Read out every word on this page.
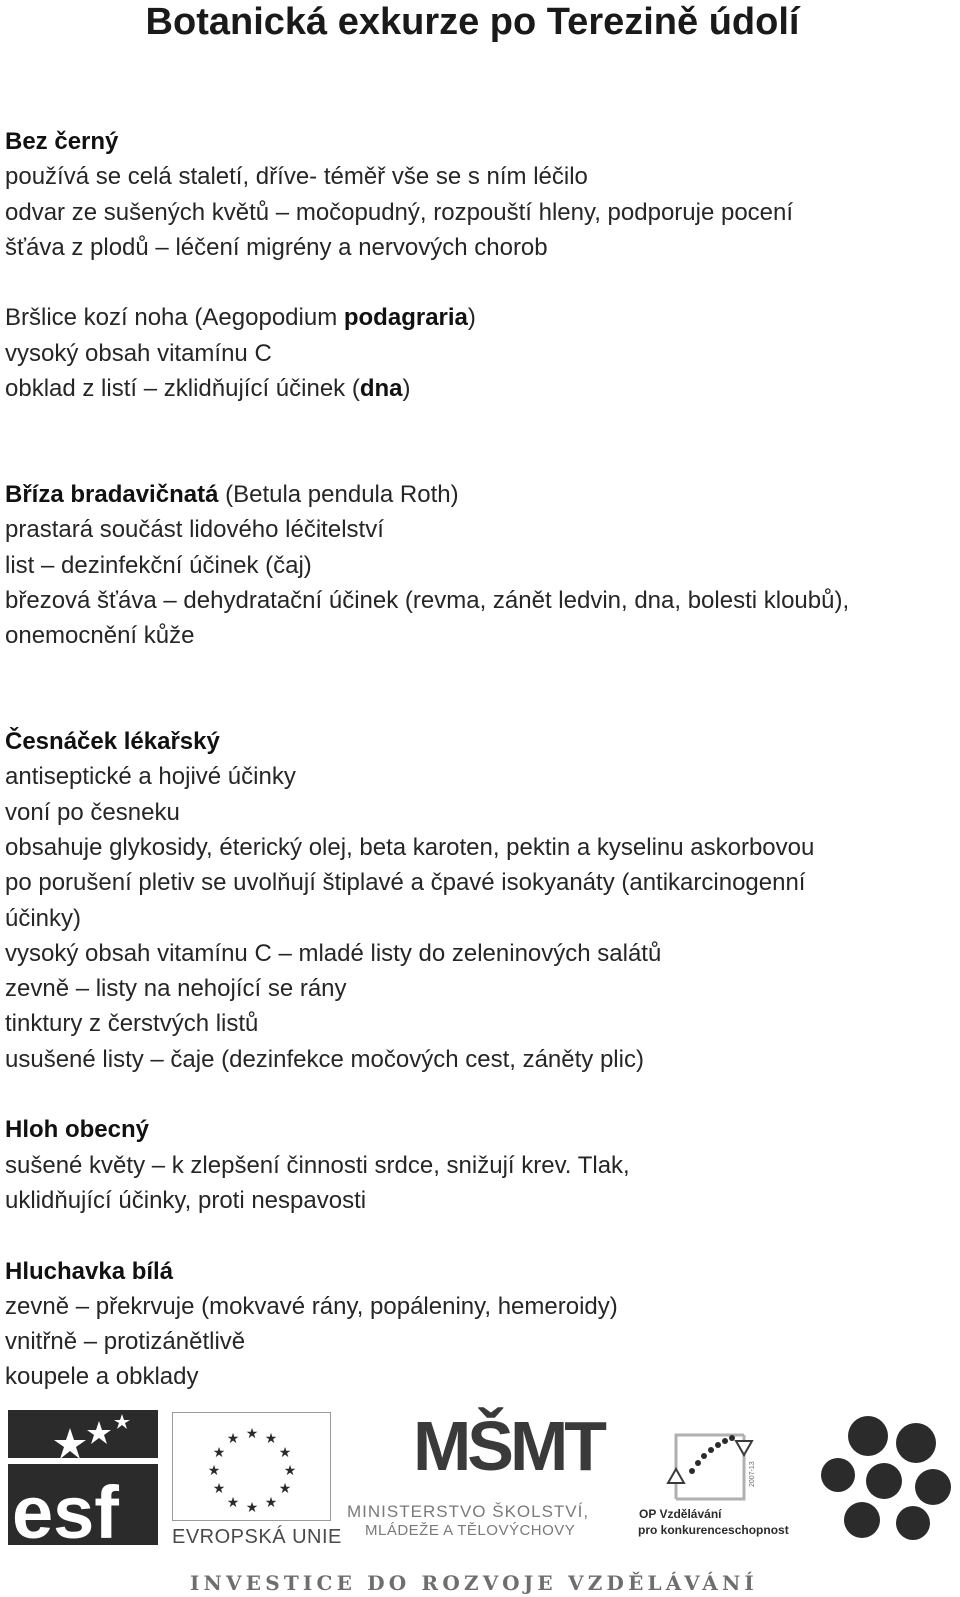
Botanická exkurze po Terezině údolí
Bez černý
používá se celá staletí, dříve- téměř vše se s ním léčilo
odvar ze sušených květů – močopudný, rozpouští hleny, podporuje pocení
šťáva z plodů – léčení migrény a nervových chorob
Bršlice kozí noha (Aegopodium podagraria)
vysoký obsah vitamínu C
obklad z listí – zklidňující účinek (dna)
Bříza bradavičnatá (Betula pendula Roth)
prastará součást lidového léčitelství
list – dezinfekční účinek (čaj)
březová šťáva – dehydratační účinek (revma, zánět ledvin, dna, bolesti kloubů),
onemocnění kůže
Česnáček lékařský
antiseptické a hojivé účinky
voní po česneku
obsahuje glykosidy, éterický olej, beta karoten, pektin a kyselinu askorbovou
po porušení pletiv se uvolňují štiplavé a čpavé isokyanáty (antikarcinogenní
účinky)
vysoký obsah vitamínu C – mladé listy do zeleninových salátů
zevně – listy na nehojící se rány
tinktury z čerstvých listů
usušené listy – čaje (dezinfekce močových cest, záněty plic)
Hloh obecný
sušené květy – k zlepšení činnosti srdce, snižují krev. Tlak,
uklidňující účinky, proti nespavosti
Hluchavka bílá
zevně – překrvuje (mokvavé rány, popáleniny, hemeroidy)
vnitřně – protizánětlivě
koupele a obklady
esf
★ ★
★
★
★
★
★
★
★
★
★
★
EVROPSKÁ UNIE
MŠMT
MINISTERSTVO ŠKOLSTVÍ,
MLÁDEŽE A TĚLOVÝCHOVY
2007-13
OP Vzdělávání
pro konkurenceschopnost
INVESTICE DO ROZVOJE VZDĚLÁVÁNÍ
